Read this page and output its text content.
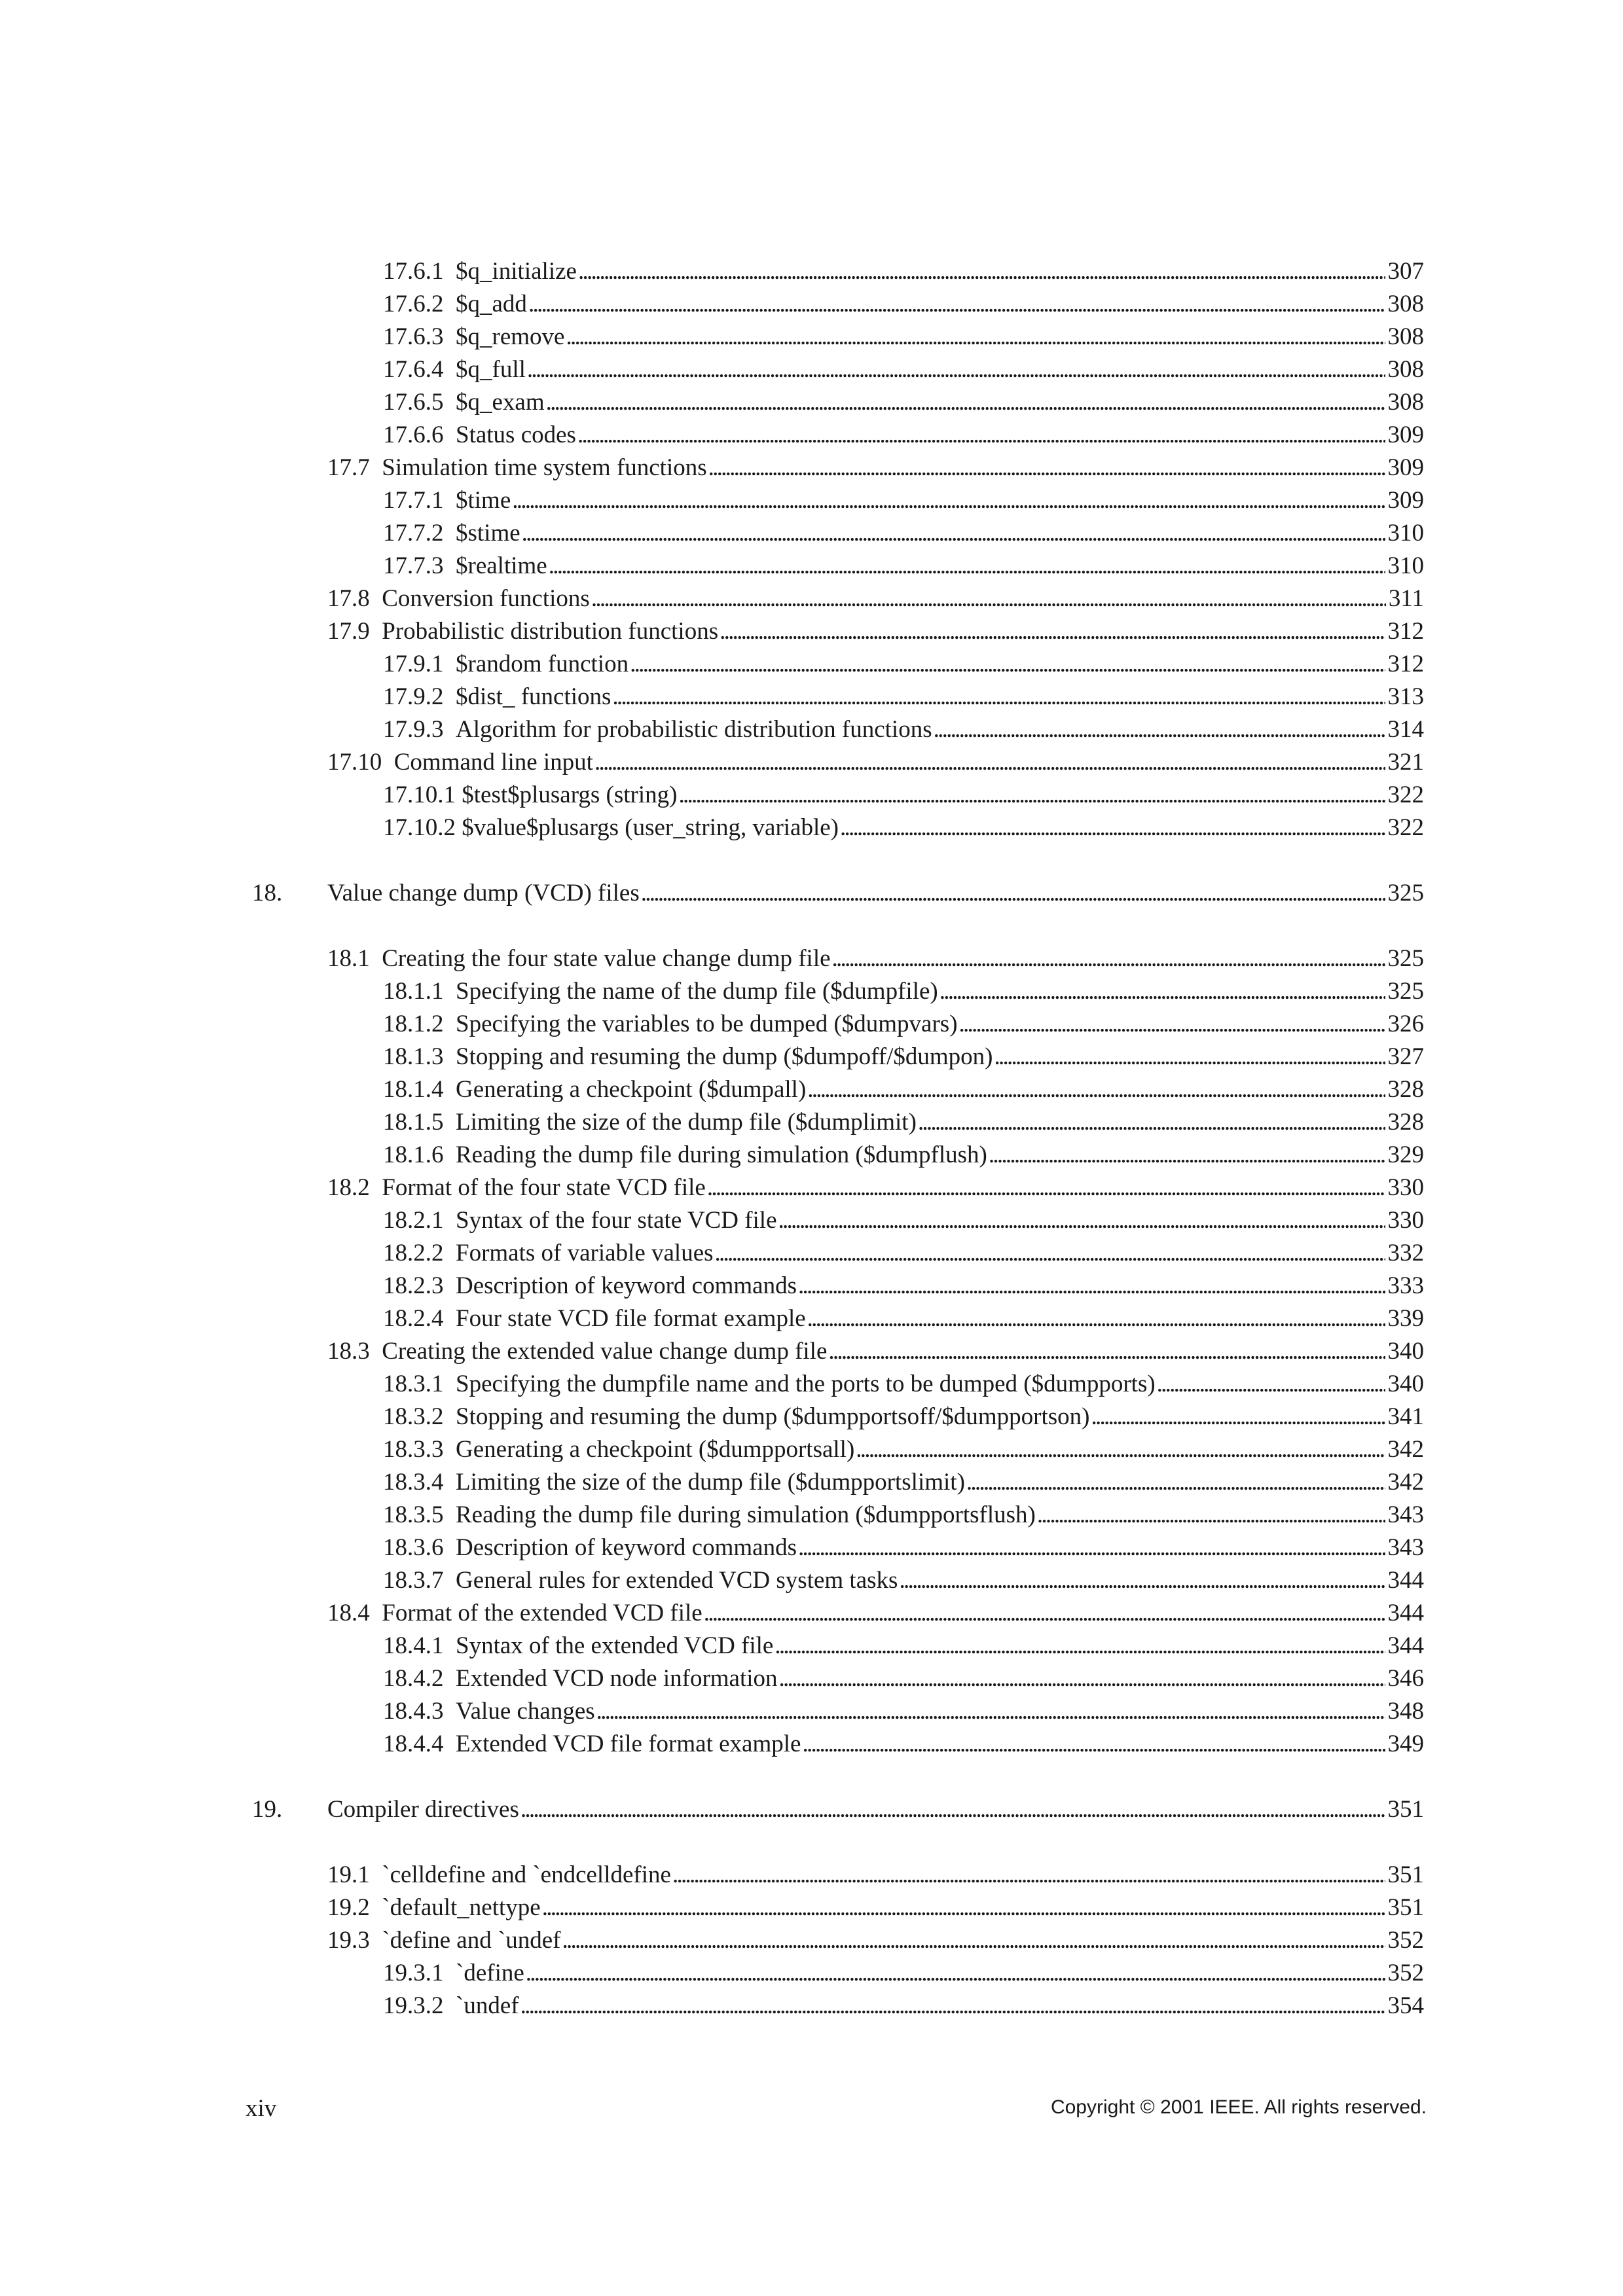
17.6.1 $q_initialize . . .	307
17.6.2 $q_add . . .	308
17.6.3 $q_remove . . .	308
17.6.4 $q_full . . .	308
17.6.5 $q_exam . . .	308
17.6.6 Status codes . . .	309
17.7 Simulation time system functions . . .	309
17.7.1 $time . . .	309
17.7.2 $stime . . .	310
17.7.3 $realtime . . .	310
17.8 Conversion functions . . .	311
17.9 Probabilistic distribution functions . . .	312
17.9.1 $random function . . .	312
17.9.2 $dist_ functions . . .	313
17.9.3 Algorithm for probabilistic distribution functions . . .	314
17.10 Command line input . . .	321
17.10.1 $test$plusargs (string) . . .	322
17.10.2 $value$plusargs (user_string, variable) . . .	322
18. Value change dump (VCD) files . . .	325
18.1 Creating the four state value change dump file . . .	325
18.1.1 Specifying the name of the dump file ($dumpfile) . . .	325
18.1.2 Specifying the variables to be dumped ($dumpvars) . . .	326
18.1.3 Stopping and resuming the dump ($dumpoff/$dumpon) . . .	327
18.1.4 Generating a checkpoint ($dumpall) . . .	328
18.1.5 Limiting the size of the dump file ($dumplimit) . . .	328
18.1.6 Reading the dump file during simulation ($dumpflush) . . .	329
18.2 Format of the four state VCD file . . .	330
18.2.1 Syntax of the four state VCD file . . .	330
18.2.2 Formats of variable values . . .	332
18.2.3 Description of keyword commands . . .	333
18.2.4 Four state VCD file format example . . .	339
18.3 Creating the extended value change dump file . . .	340
18.3.1 Specifying the dumpfile name and the ports to be dumped ($dumpports) . . .	340
18.3.2 Stopping and resuming the dump ($dumpportsoff/$dumpportson) . . .	341
18.3.3 Generating a checkpoint ($dumpportsall) . . .	342
18.3.4 Limiting the size of the dump file ($dumpportslimit) . . .	342
18.3.5 Reading the dump file during simulation ($dumpportsflush) . . .	343
18.3.6 Description of keyword commands . . .	343
18.3.7 General rules for extended VCD system tasks . . .	344
18.4 Format of the extended VCD file . . .	344
18.4.1 Syntax of the extended VCD file . . .	344
18.4.2 Extended VCD node information . . .	346
18.4.3 Value changes . . .	348
18.4.4 Extended VCD file format example . . .	349
19. Compiler directives . . .	351
19.1 `celldefine and `endcelldefine . . .	351
19.2 `default_nettype . . .	351
19.3 `define and `undef . . .	352
19.3.1 `define . . .	352
19.3.2 `undef . . .	354
xiv	Copyright © 2001 IEEE. All rights reserved.
